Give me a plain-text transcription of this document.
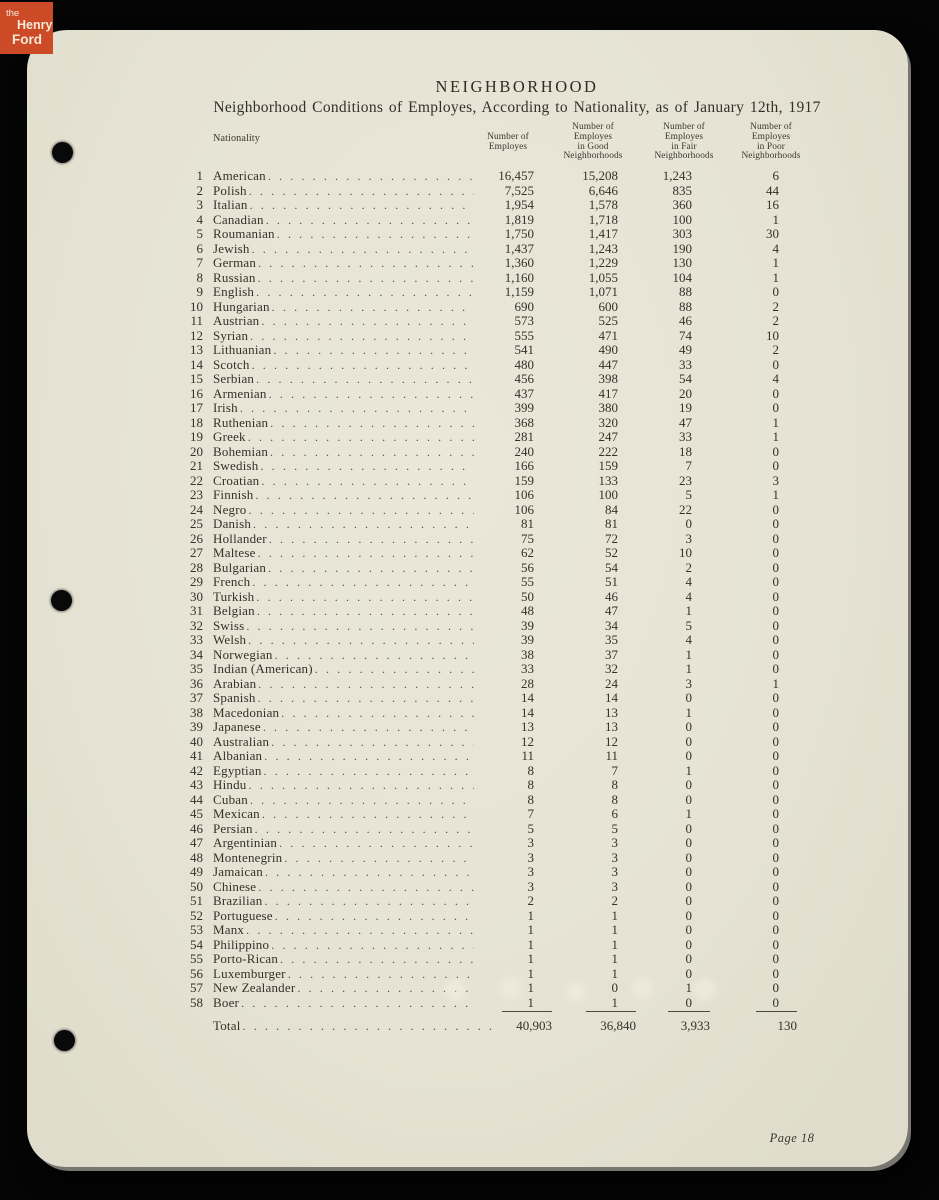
NEIGHBORHOOD
Neighborhood Conditions of Employes, According to Nationality, as of January 12th, 1917
Nationality	Number of
Employes
Number of
Employes
in Good
Neighborhoods
Number of
Employes
in Fair
Neighborhoods
Number of
Employes
in Poor
Neighborhoods
1 American . . .	16,457	15,208	1,243	6
2 Polish . . .	7,525	6,646	835	44
3 Italian . . .	1,954	1,578	360	16
4 Canadian . . .	1,819	1,718	100	1
5 Roumanian . . .	1,750	1,417	303	30
6 Jewish . . .	1,437	1,243	190	4
7 German . . .	1,360	1,229	130	1
8 Russian . . .	1,160	1,055	104	1
9 English . . .	1,159	1,071	88	0
10 Hungarian . . .	690	600	88	2
11 Austrian . . .	573	525	46	2
12 Syrian . . .	555	471	74	10
13 Lithuanian . . .	541	490	49	2
14 Scotch . . .	480	447	33	0
15 Serbian . . .	456	398	54	4
16 Armenian . . .	437	417	20	0
17 Irish . . .	399	380	19	0
18 Ruthenian . . .	368	320	47	1
19 Greek . . .	281	247	33	1
20 Bohemian . . .	240	222	18	0
21 Swedish . . .	166	159	7	0
22 Croatian . . .	159	133	23	3
23 Finnish . . .	106	100	5	1
24 Negro . . .	106	84	22	0
25 Danish . . .	81	81	0	0
26 Hollander . . .	75	72	3	0
27 Maltese . . .	62	52	10	0
28 Bulgarian . . .	56	54	2	0
29 French . . .	55	51	4	0
30 Turkish . . .	50	46	4	0
31 Belgian . . .	48	47	1	0
32 Swiss . . .	39	34	5	0
33 Welsh . . .	39	35	4	0
34 Norwegian . . .	38	37	1	0
35 Indian (American) . . .	33	32	1	0
36 Arabian . . .	28	24	3	1
37 Spanish . . .	14	14	0	0
38 Macedonian . . .	14	13	1	0
39 Japanese . . .	13	13	0	0
40 Australian . . .	12	12	0	0
41 Albanian . . .	11	11	0	0
42 Egyptian . . .	8	7	1	0
43 Hindu . . .	8	8	0	0
44 Cuban . . .	8	8	0	0
45 Mexican . . .	7	6	1	0
46 Persian . . .	5	5	0	0
47 Argentinian . . .	3	3	0	0
48 Montenegrin . . .	3	3	0	0
49 Jamaican . . .	3	3	0	0
50 Chinese . . .	3	3	0	0
51 Brazilian . . .	2	2	0	0
52 Portuguese . . .	1	1	0	0
53 Manx . . .	1	1	0	0
54 Philippino . . .	1	1	0	0
55 Porto-Rican . . .	1	1	0	0
56 Luxemburger . . .	1	1	0	0
57 New Zealander . . .	1	0	1	0
58 Boer . . .	1	1	0	0
Total . . .	40,903	36,840	3,933	130
Page 18
the
Henry
Ford
